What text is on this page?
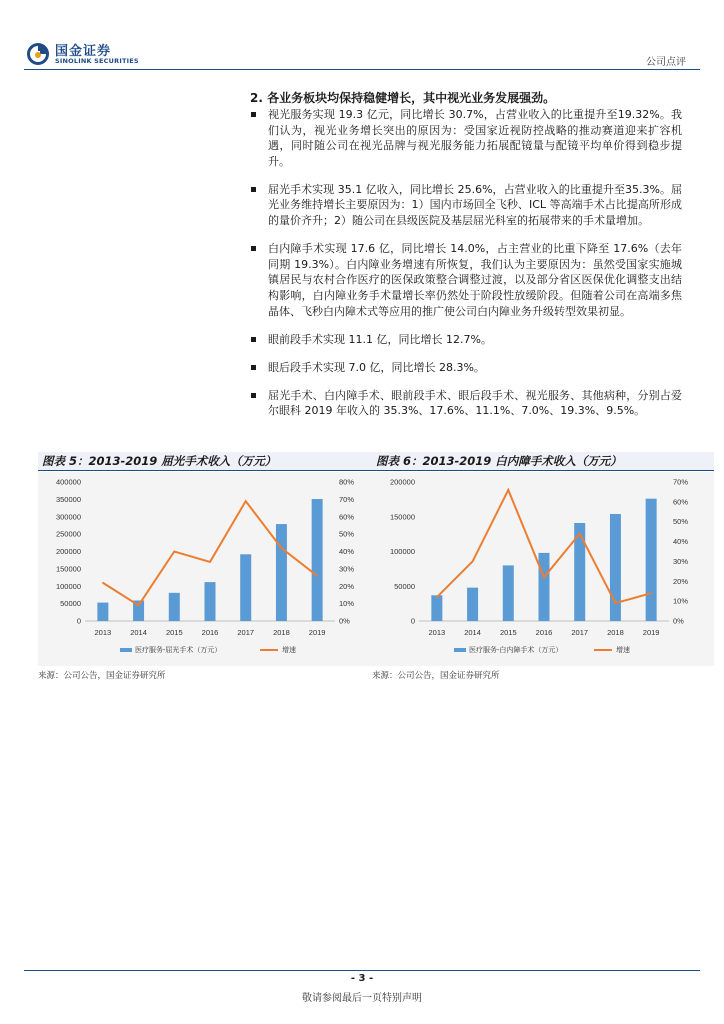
国金证券
SINOLINK SECURITIES	公司点评
2. 各业务板块均保持稳健增长，其中视光业务发展强劲。
视光服务实现 19.3 亿元，同比增长 30.7%，占营业收入的比重提升至19.32%。我们认为，视光业务增长突出的原因为：受国家近视防控战略的推动赛道迎来扩容机遇，同时随公司在视光品牌与视光服务能力拓展配镜量与配镜平均单价得到稳步提升。
屈光手术实现 35.1 亿收入，同比增长 25.6%，占营业收入的比重提升至35.3%。屈光业务维持增长主要原因为：1）国内市场回全飞秒、ICL 等高端手术占比提高所形成的量价齐升；2）随公司在县级医院及基层屈光科室的拓展带来的手术量增加。
白内障手术实现 17.6 亿，同比增长 14.0%，占主营业的比重下降至 17.6%（去年同期 19.3%）。白内障业务增速有所恢复，我们认为主要原因为：虽然受国家实施城镇居民与农村合作医疗的医保政策整合调整过渡，以及部分省区医保优化调整支出结构影响，白内障业务手术量增长率仍然处于阶段性放缓阶段。但随着公司在高端多焦晶体、飞秒白内障术式等应用的推广使公司白内障业务升级转型效果初显。
眼前段手术实现 11.1 亿，同比增长 12.7%。
眼后段手术实现 7.0 亿，同比增长 28.3%。
屈光手术、白内障手术、眼前段手术、眼后段手术、视光服务、其他病种，分别占爱尔眼科 2019 年收入的 35.3%、17.6%、11.1%、7.0%、19.3%、9.5%。
图表 5：2013-2019 屈光手术收入（万元）
0
50000
100000
150000
200000
250000
300000
350000
400000
0%
10%
20%
30%
40%
50%
60%
70%
80%
2013	2014	2015	2016	2017	2018	2019
医疗服务-屈光手术（万元）	增速
来源：公司公告，国金证券研究所
图表 6：2013-2019 白内障手术收入（万元）
0
50000
100000
150000
200000
0%
10%
20%
30%
40%
50%
60%
70%
2013	2014	2015	2016	2017	2018	2019
医疗服务-白内障手术（万元）	增速
来源：公司公告，国金证券研究所
- 3 -
敬请参阅最后一页特别声明
